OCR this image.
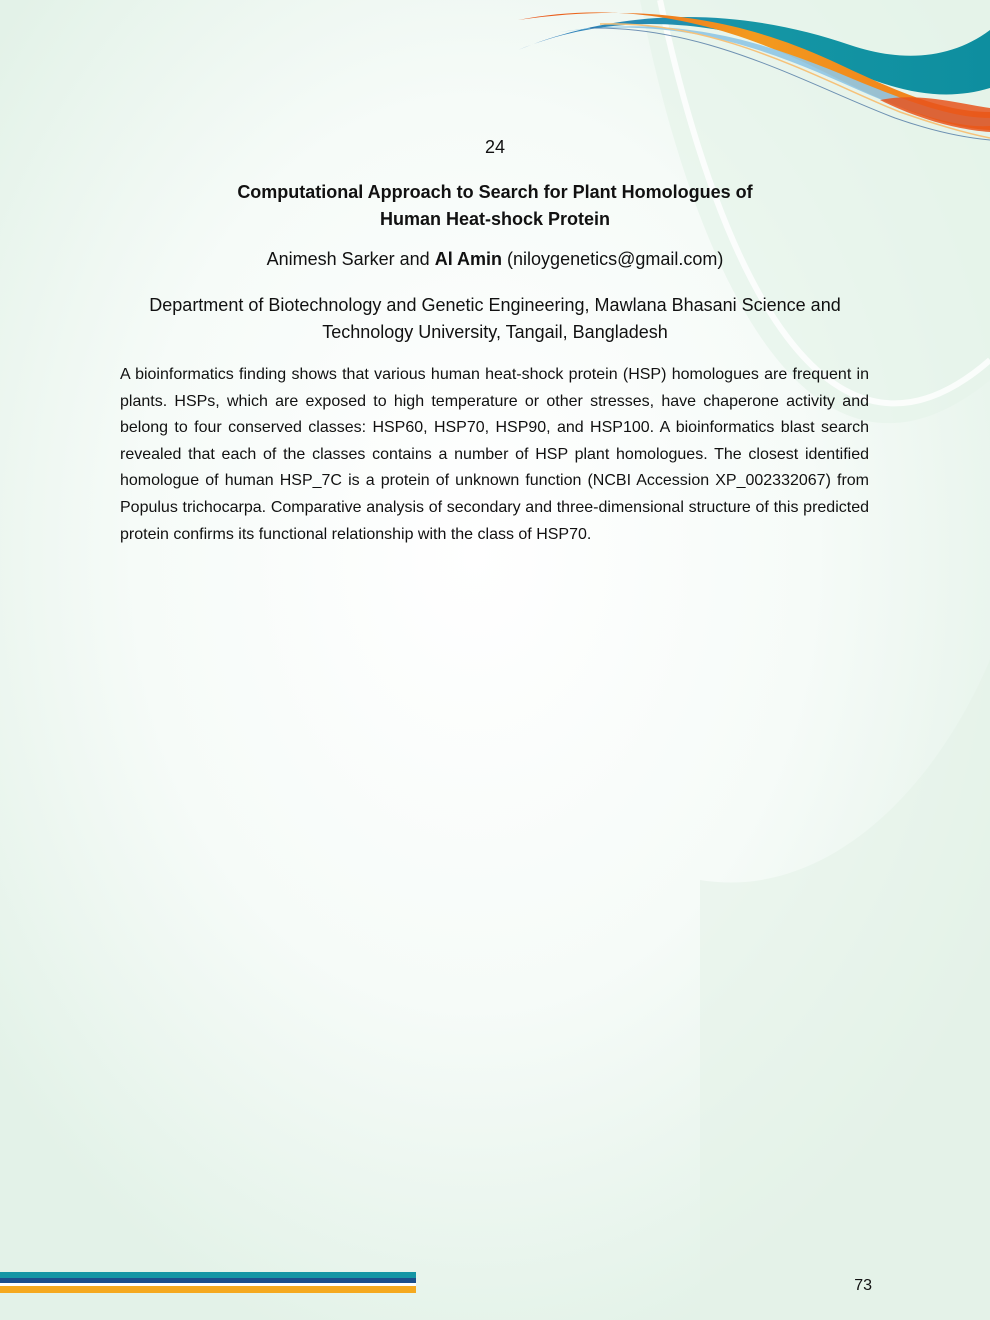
24
Computational Approach to Search for Plant Homologues of
Human Heat-shock Protein
Animesh Sarker and Al Amin (niloygenetics@gmail.com)
Department of Biotechnology and Genetic Engineering, Mawlana Bhasani Science and
Technology University, Tangail, Bangladesh

A bioinformatics finding shows that various human heat-shock protein (HSP) homologues are frequent in plants. HSPs, which are exposed to high temperature or other stresses, have chaperone activity and belong to four conserved classes: HSP60, HSP70, HSP90, and HSP100. A bioinformatics blast search revealed that each of the classes contains a number of HSP plant homologues. The closest identified homologue of human HSP_7C is a protein of unknown function (NCBI Accession XP_002332067) from Populus trichocarpa. Comparative analysis of secondary and three-dimensional structure of this predicted protein confirms its functional relationship with the class of HSP70.

73
